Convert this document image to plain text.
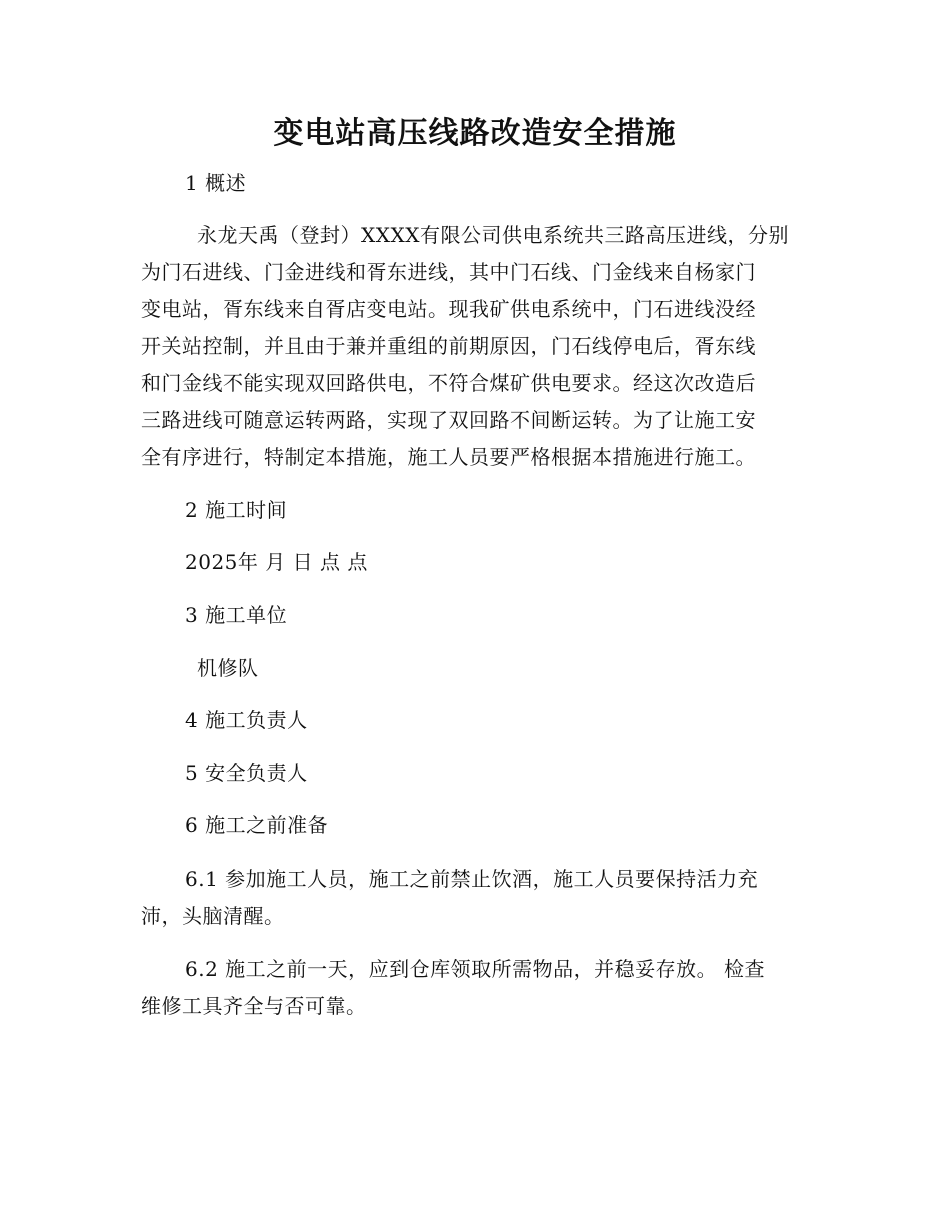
变电站高压线路改造安全措施
1 概述
永龙天禹（登封）XXXX有限公司供电系统共三路高压进线，分别
为门石进线、门金进线和胥东进线，其中门石线、门金线来自杨家门
变电站，胥东线来自胥店变电站。现我矿供电系统中，门石进线没经
开关站控制，并且由于兼并重组的前期原因，门石线停电后，胥东线
和门金线不能实现双回路供电，不符合煤矿供电要求。经这次改造后
三路进线可随意运转两路，实现了双回路不间断运转。为了让施工安
全有序进行，特制定本措施，施工人员要严格根据本措施进行施工。
2 施工时间
2025年 月 日 点 点
3 施工单位
机修队
4 施工负责人
5 安全负责人
6 施工之前准备
6.1 参加施工人员，施工之前禁止饮酒，施工人员要保持活力充
沛，头脑清醒。
6.2 施工之前一天，应到仓库领取所需物品，并稳妥存放。 检查
维修工具齐全与否可靠。
